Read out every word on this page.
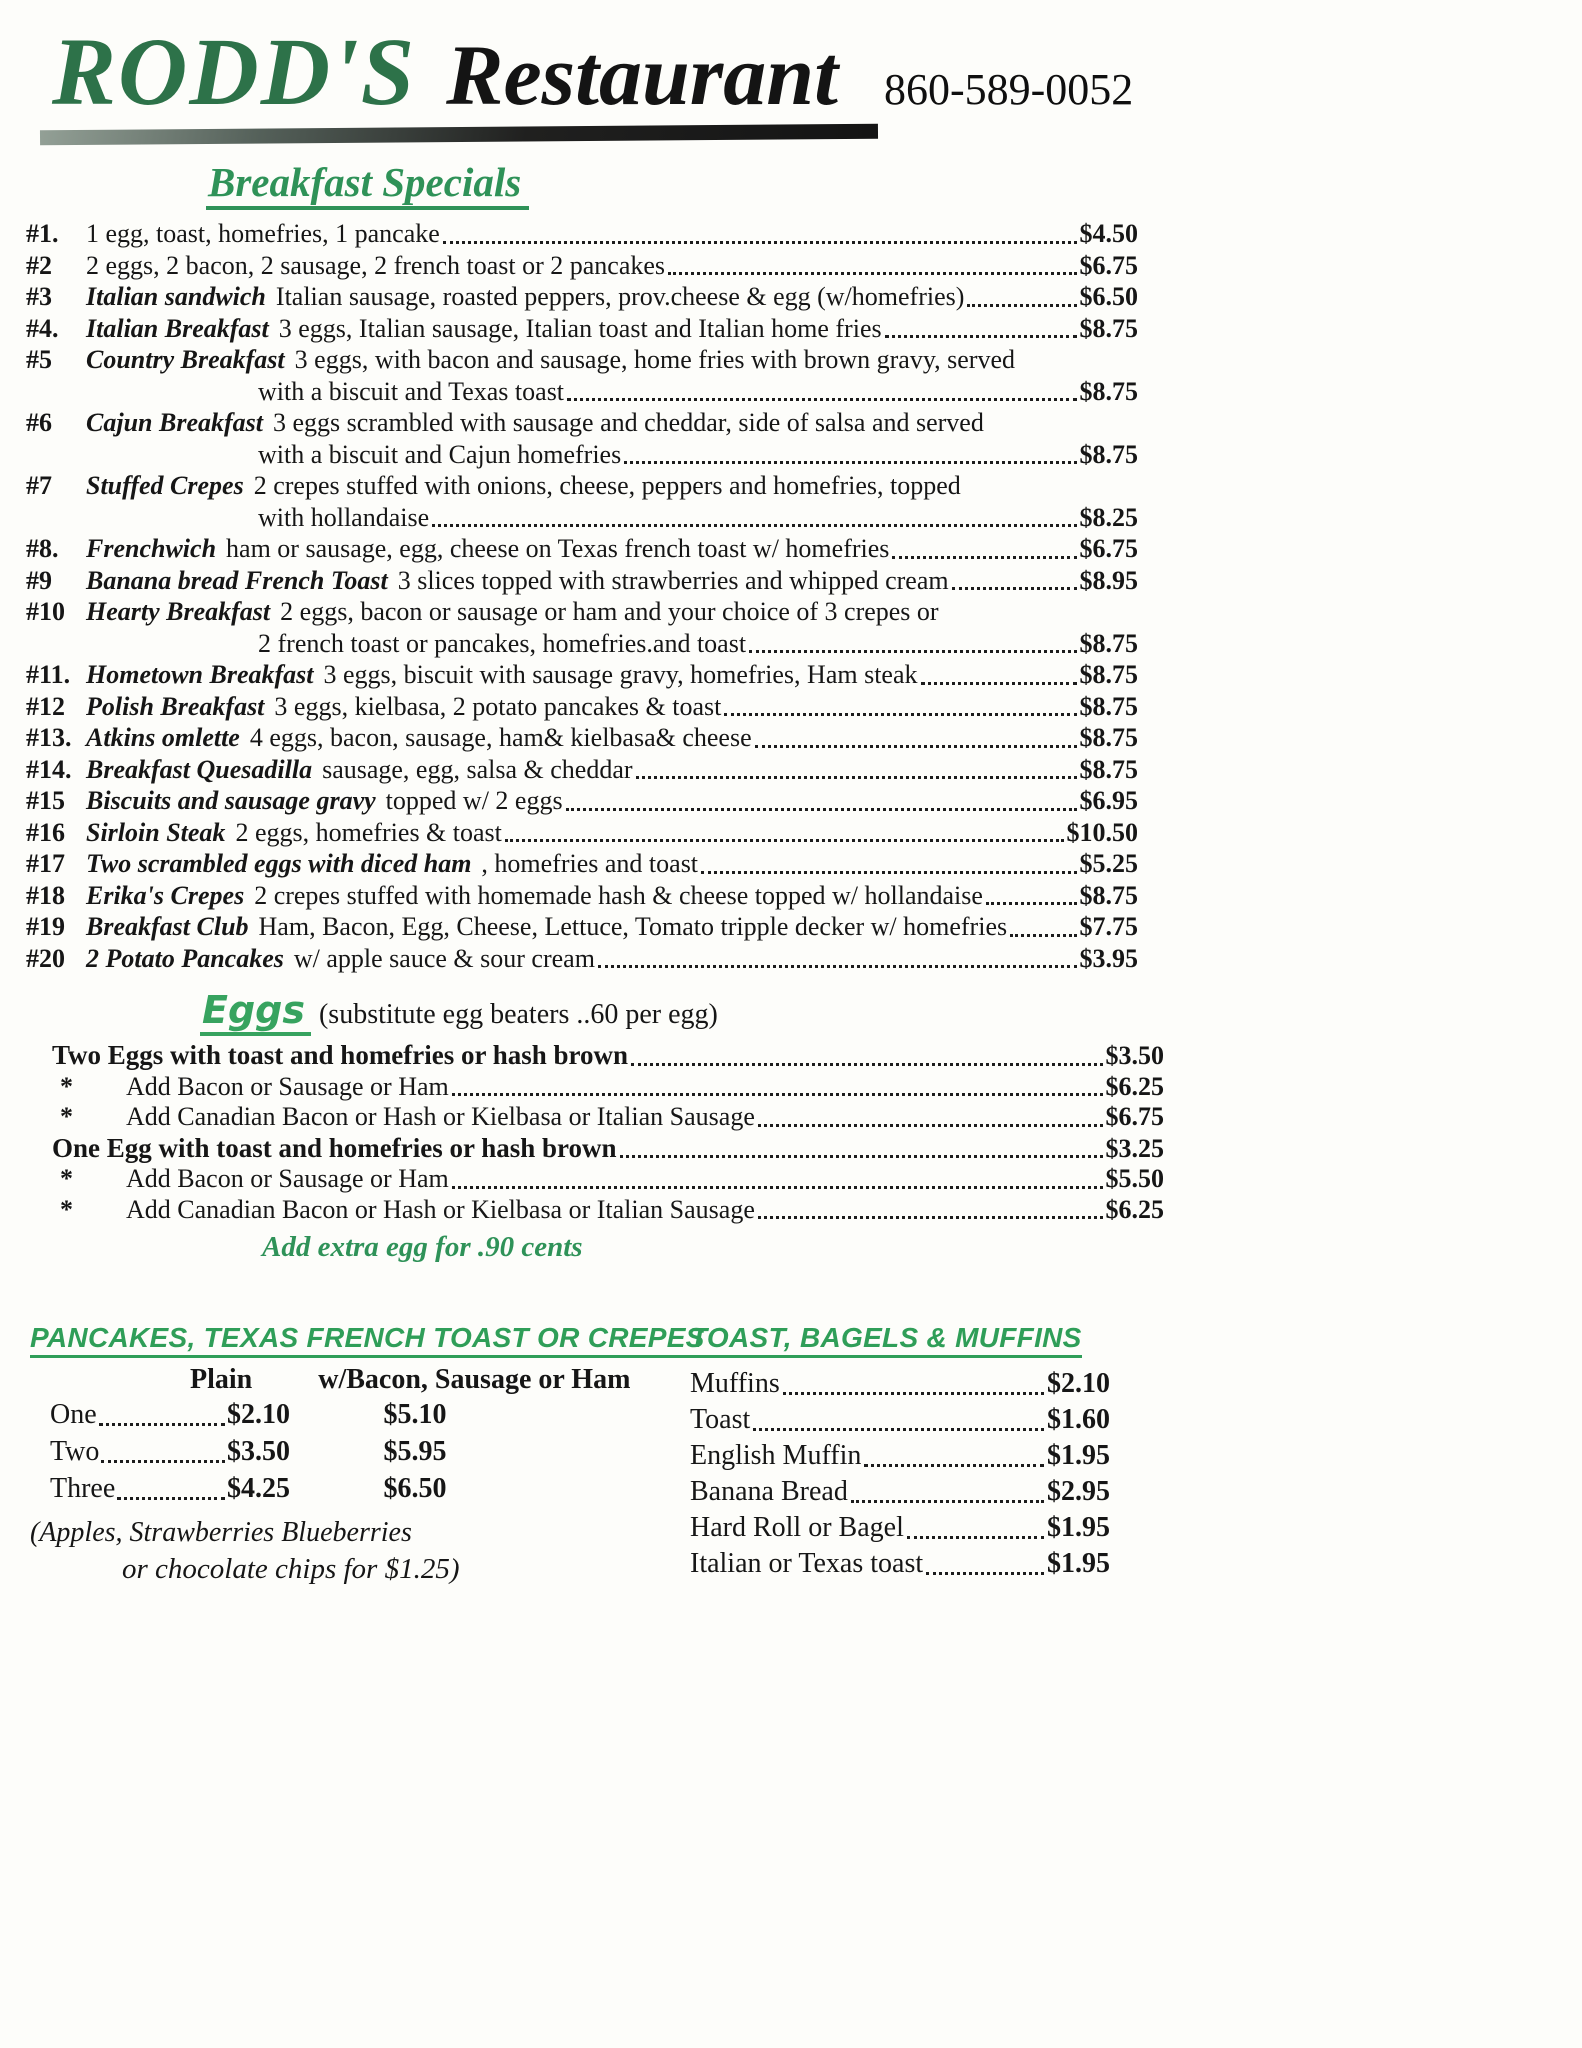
RODD'S Restaurant 860-589-0052
Breakfast Specials
#1.	1 egg, toast, homefries, 1 pancake	$4.50
#2	2 eggs, 2 bacon, 2 sausage, 2 french toast or 2 pancakes	$6.75
#3	Italian sandwich Italian sausage, roasted peppers, prov.cheese & egg (w/homefries)	$6.50
#4.	Italian Breakfast 3 eggs, Italian sausage, Italian toast and Italian home fries	$8.75
#5	Country Breakfast 3 eggs, with bacon and sausage, home fries with brown gravy, served
with a biscuit and Texas toast	$8.75
#6	Cajun Breakfast 3 eggs scrambled with sausage and cheddar, side of salsa and served
with a biscuit and Cajun homefries	$8.75
#7	Stuffed Crepes 2 crepes stuffed with onions, cheese, peppers and homefries, topped
with hollandaise	$8.25
#8.	Frenchwich ham or sausage, egg, cheese on Texas french toast w/ homefries	$6.75
#9	Banana bread French Toast 3 slices topped with strawberries and whipped cream	$8.95
#10 Hearty Breakfast 2 eggs, bacon or sausage or ham and your choice of 3 crepes or
2 french toast or pancakes, homefries.and toast	$8.75
#11. Hometown Breakfast 3 eggs, biscuit with sausage gravy, homefries, Ham steak	$8.75
#12 Polish Breakfast 3 eggs, kielbasa, 2 potato pancakes & toast	$8.75
#13. Atkins omlette 4 eggs, bacon, sausage, ham& kielbasa& cheese	$8.75
#14. Breakfast Quesadilla sausage, egg, salsa & cheddar	$8.75
#15 Biscuits and sausage gravy topped w/ 2 eggs	$6.95
#16 Sirloin Steak 2 eggs, homefries & toast	$10.50
#17 Two scrambled eggs with diced ham , homefries and toast	$5.25
#18 Erika's Crepes 2 crepes stuffed with homemade hash & cheese topped w/ hollandaise	$8.75
#19 Breakfast Club Ham, Bacon, Egg, Cheese, Lettuce, Tomato tripple decker w/ homefries	$7.75
#20 2 Potato Pancakes w/ apple sauce & sour cream	$3.95
Eggs (substitute egg beaters ..60 per egg)
Two Eggs with toast and homefries or hash brown	$3.50
*	Add Bacon or Sausage or Ham	$6.25
*	Add Canadian Bacon or Hash or Kielbasa or Italian Sausage	$6.75
One Egg with toast and homefries or hash brown	$3.25
*	Add Bacon or Sausage or Ham	$5.50
*	Add Canadian Bacon or Hash or Kielbasa or Italian Sausage	$6.25
Add extra egg for .90 cents
PANCAKES, TEXAS FRENCH TOAST OR CREPES
Plain w/Bacon, Sausage or Ham
One	$2.10	$5.10
Two	$3.50	$5.95
Three	$4.25	$6.50
(Apples, Strawberries Blueberries
or chocolate chips for $1.25)
TOAST, BAGELS & MUFFINS
Muffins	$2.10
Toast	$1.60
English Muffin	$1.95
Banana Bread	$2.95
Hard Roll or Bagel	$1.95
Italian or Texas toast	$1.95
